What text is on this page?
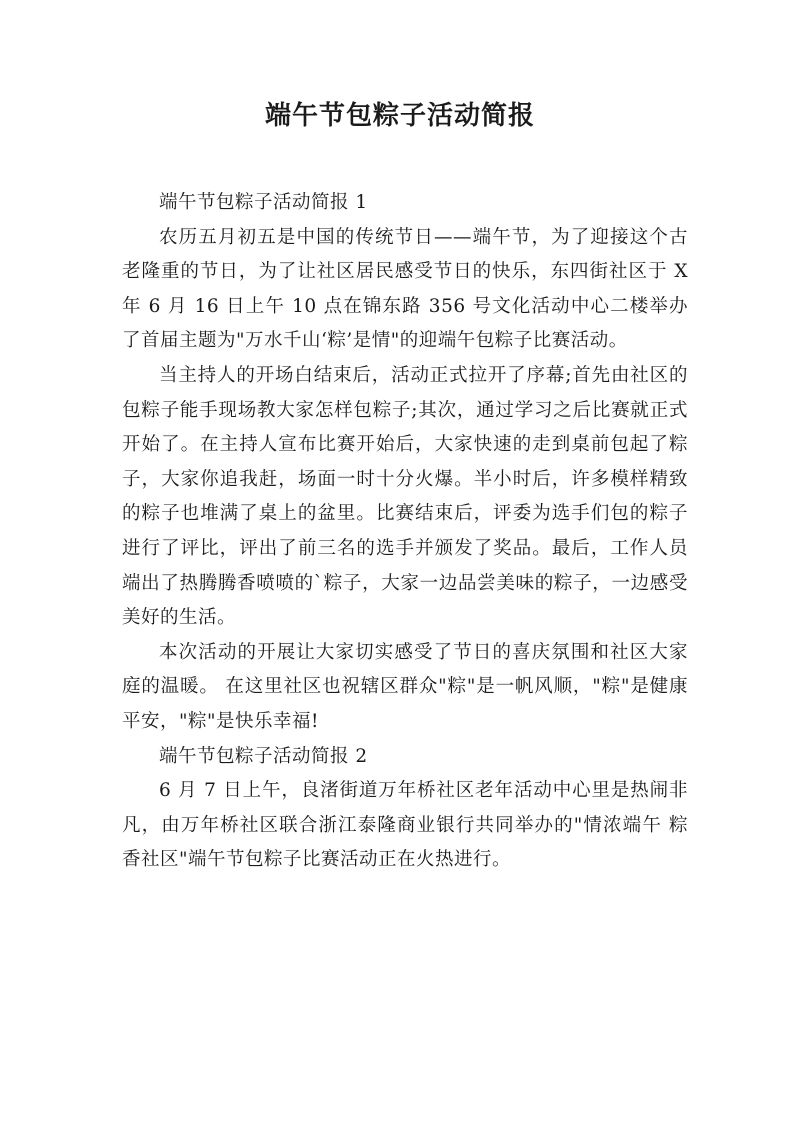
端午节包粽子活动简报

端午节包粽子活动简报 1

农历五月初五是中国的传统节日——端午节，为了迎接这个古老隆重的节日，为了让社区居民感受节日的快乐，东四街社区于 X 年 6 月 16 日上午 10 点在锦东路 356 号文化活动中心二楼举办了首届主题为"万水千山‘粽’是情"的迎端午包粽子比赛活动。

当主持人的开场白结束后，活动正式拉开了序幕;首先由社区的包粽子能手现场教大家怎样包粽子;其次，通过学习之后比赛就正式开始了。在主持人宣布比赛开始后，大家快速的走到桌前包起了粽子，大家你追我赶，场面一时十分火爆。半小时后，许多模样精致的粽子也堆满了桌上的盆里。比赛结束后，评委为选手们包的粽子进行了评比，评出了前三名的选手并颁发了奖品。最后，工作人员端出了热腾腾香喷喷的`粽子，大家一边品尝美味的粽子，一边感受美好的生活。

本次活动的开展让大家切实感受了节日的喜庆氛围和社区大家庭的温暖。 在这里社区也祝辖区群众"粽"是一帆风顺，"粽"是健康平安，"粽"是快乐幸福!

端午节包粽子活动简报 2

6 月 7 日上午，良渚街道万年桥社区老年活动中心里是热闹非凡，由万年桥社区联合浙江泰隆商业银行共同举办的"情浓端午 粽香社区"端午节包粽子比赛活动正在火热进行。
